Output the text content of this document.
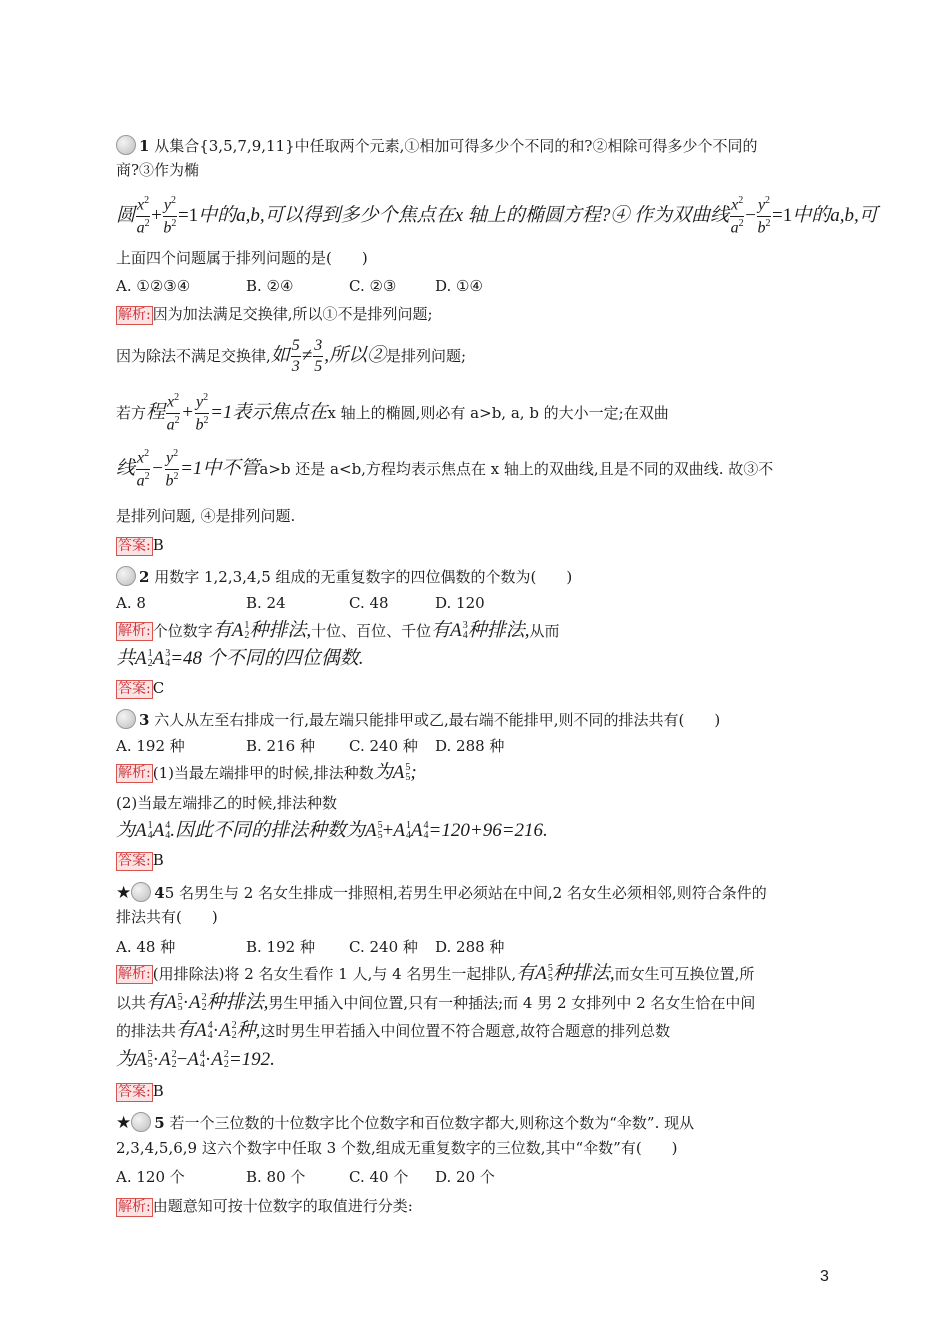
1 从集合{3,5,7,9,11}中任取两个元素,①相加可得多少个不同的和?②相除可得多少个不同的
商?③作为椭
圆 $\frac{x^2}{a^2} + \frac{y^2}{b^2} =1$ 中的a,b,可以得到多少个焦点在x 轴上的椭圆方程?④ 作为双曲线 $\frac{x^2}{a^2} - \frac{y^2}{b^2} =1$ 中的a,b,可
上面四个问题属于排列问题的是(　　)
A. ①②③④	B. ②④	C. ②③	D. ①④
解析: 因为加法满足交换律,所以①不是排列问题;
因为除法不满足交换律, 如 $\frac{5}{3} \ne \frac{3}{5}$ ,所以② 是排列问题;
若方 程 $\frac{x^2}{a^2} + \frac{y^2}{b^2} =1$ 表示焦点在 x 轴上的椭圆,则必有 a>b, a, b 的大小一定;在双曲
线 $\frac{x^2}{a^2} - \frac{y^2}{b^2} =1$ 中不管 a>b 还是 a<b,方程均表示焦点在 x 轴上的双曲线,且是不同的双曲线. 故③不
是排列问题, ④是排列问题.
答案: B
2 用数字 1,2,3,4,5 组成的无重复数字的四位偶数的个数为(　　)
A. 8	B. 24	C. 48	D. 120
解析: 个位数字 有 A 1
2 种排法, 十位、百位、千位 有 A 3
4 种排法, 从而
共 A 1
2 A 3
4 =48 个不同的四位偶数.
答案: C
3 六人从左至右排成一行,最左端只能排甲或乙,最右端不能排甲,则不同的排法共有(　　)
A. 192 种	B. 216 种 C. 240 种 D. 288 种
解析: (1)当最左端排甲的时候,排法种数 为 A 5
5 ;
(2)当最左端排乙的时候,排法种数
为 A 1
4 A 4
4 .因此不同的排法种数为 A 5
5 + A 1
4 A 4
4 =120+96=216.
答案: B
★ 45 名男生与 2 名女生排成一排照相,若男生甲必须站在中间,2 名女生必须相邻,则符合条件的
排法共有(　　)
A. 48 种	B. 192 种 C. 240 种 D. 288 种
解析: (用排除法)将 2 名女生看作 1 人,与 4 名男生一起排队, 有 A 5
5 种排法, 而女生可互换位置,所
以共 有 A 5
5 ·A 2
2 种排法, 男生甲插入中间位置,只有一种插法;而 4 男 2 女排列中 2 名女生恰在中间
的排法共 有 A 4
4 ·A 2
2 种, 这时男生甲若插入中间位置不符合题意,故符合题意的排列总数
为 A 5
5 · A 2
2 − A 4
4 · A 2
2 =192.
答案: B
★ 5 若一个三位数的十位数字比个位数字和百位数字都大,则称这个数为“伞数”. 现从
2,3,4,5,6,9 这六个数字中任取 3 个数,组成无重复数字的三位数,其中“伞数”有(　　)
A. 120 个	B. 80 个	C. 40 个 D. 20 个
解析: 由题意知可按十位数字的取值进行分类:
3
